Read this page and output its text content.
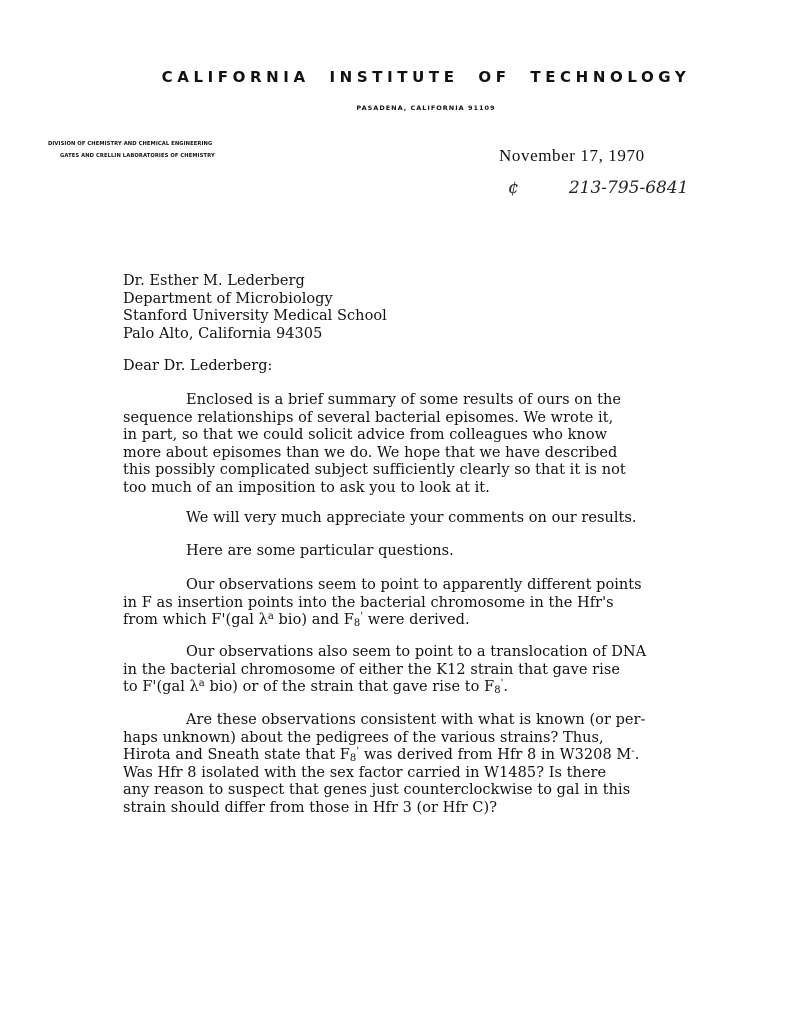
CALIFORNIA INSTITUTE OF TECHNOLOGY
PASADENA, CALIFORNIA 91109
DIVISION OF CHEMISTRY AND CHEMICAL ENGINEERING
GATES AND CRELLIN LABORATORIES OF CHEMISTRY	November 17, 1970
¢	213-795-6841
Dr. Esther M. Lederberg
Department of Microbiology
Stanford University Medical School
Palo Alto, California 94305
Dear Dr. Lederberg:
Enclosed is a brief summary of some results of ours on the
sequence relationships of several bacterial episomes. We wrote it,
in part, so that we could solicit advice from colleagues who know
more about episomes than we do. We hope that we have described
this possibly complicated subject sufficiently clearly so that it is not
too much of an imposition to ask you to look at it.
We will very much appreciate your comments on our results.
Here are some particular questions.
Our observations seem to point to apparently different points
in F as insertion points into the bacterial chromosome in the Hfr's
from which F'(gal $\lambda^a$ bio) and $F_8'$ were derived.
Our observations also seem to point to a translocation of DNA
in the bacterial chromosome of either the K12 strain that gave rise
to F'(gal $\lambda^a$ bio) or of the strain that gave rise to $F_8'$.
Are these observations consistent with what is known (or per-
haps unknown) about the pedigrees of the various strains? Thus,
Hirota and Sneath state that $F_8'$ was derived from Hfr 8 in W3208 M-.
Was Hfr 8 isolated with the sex factor carried in W1485? Is there
any reason to suspect that genes just counterclockwise to gal in this
strain should differ from those in Hfr 3 (or Hfr C)?
